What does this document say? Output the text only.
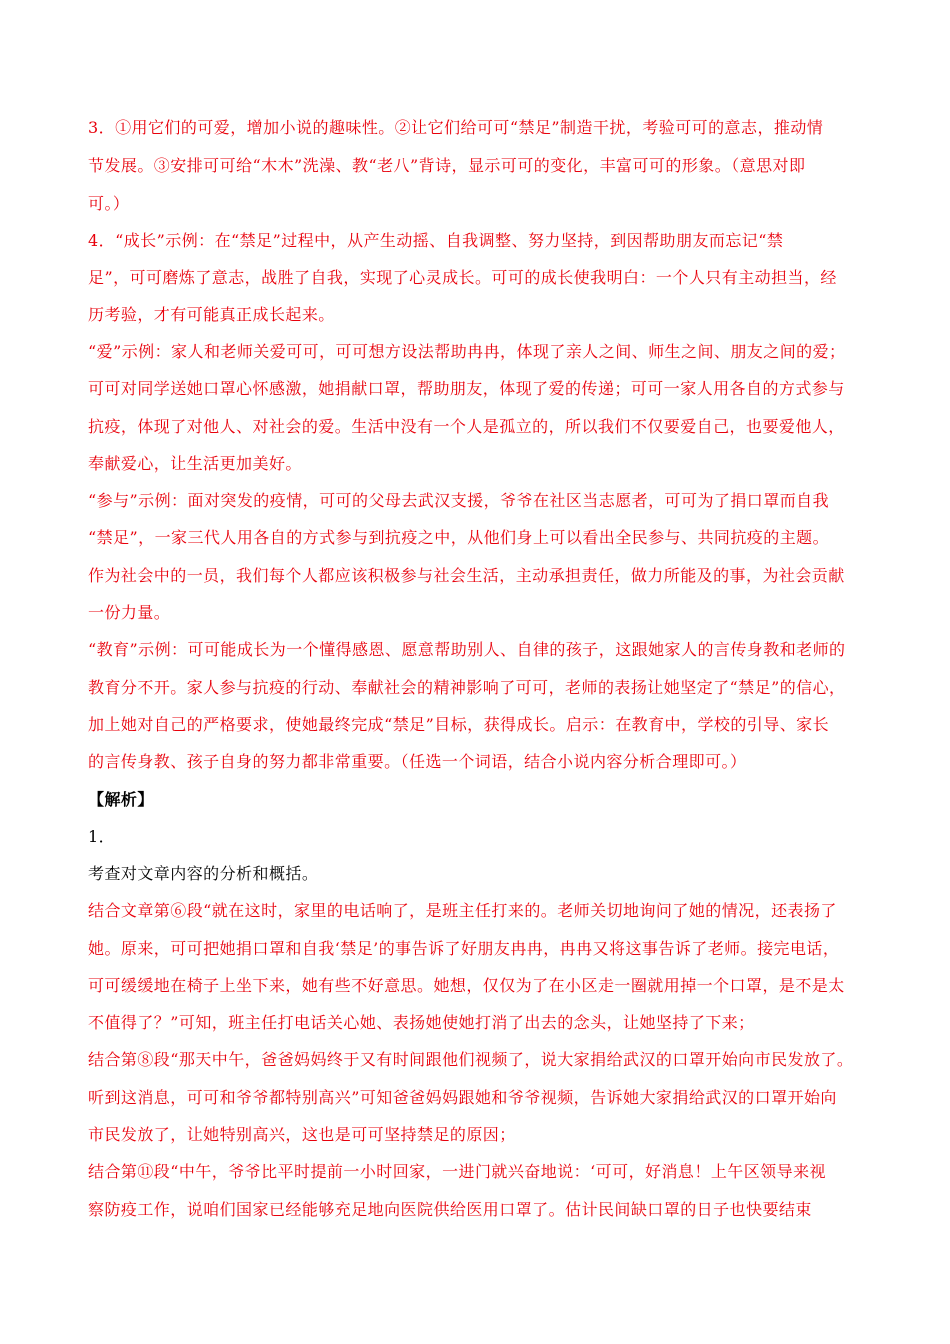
3．①用它们的可爱，增加小说的趣味性。②让它们给可可“禁足”制造干扰，考验可可的意志，推动情
节发展。③安排可可给“木木”洗澡、教“老八”背诗，显示可可的变化，丰富可可的形象。（意思对即
可。）
4．“成长”示例：在“禁足”过程中，从产生动摇、自我调整、努力坚持，到因帮助朋友而忘记“禁
足”，可可磨炼了意志，战胜了自我，实现了心灵成长。可可的成长使我明白：一个人只有主动担当，经
历考验，才有可能真正成长起来。
“爱”示例：家人和老师关爱可可，可可想方设法帮助冉冉，体现了亲人之间、师生之间、朋友之间的爱；
可可对同学送她口罩心怀感激，她捐献口罩，帮助朋友，体现了爱的传递；可可一家人用各自的方式参与
抗疫，体现了对他人、对社会的爱。生活中没有一个人是孤立的，所以我们不仅要爱自己，也要爱他人，
奉献爱心，让生活更加美好。
“参与”示例：面对突发的疫情，可可的父母去武汉支援，爷爷在社区当志愿者，可可为了捐口罩而自我
“禁足”，一家三代人用各自的方式参与到抗疫之中，从他们身上可以看出全民参与、共同抗疫的主题。
作为社会中的一员，我们每个人都应该积极参与社会生活，主动承担责任，做力所能及的事，为社会贡献
一份力量。
“教育”示例：可可能成长为一个懂得感恩、愿意帮助别人、自律的孩子，这跟她家人的言传身教和老师的
教育分不开。家人参与抗疫的行动、奉献社会的精神影响了可可，老师的表扬让她坚定了“禁足”的信心，
加上她对自己的严格要求，使她最终完成“禁足”目标，获得成长。启示：在教育中，学校的引导、家长
的言传身教、孩子自身的努力都非常重要。（任选一个词语，结合小说内容分析合理即可。）
【解析】
1．
考查对文章内容的分析和概括。
结合文章第⑥段“就在这时，家里的电话响了，是班主任打来的。老师关切地询问了她的情况，还表扬了
她。原来，可可把她捐口罩和自我‘禁足’的事告诉了好朋友冉冉，冉冉又将这事告诉了老师。接完电话，
可可缓缓地在椅子上坐下来，她有些不好意思。她想，仅仅为了在小区走一圈就用掉一个口罩，是不是太
不值得了？”可知，班主任打电话关心她、表扬她使她打消了出去的念头，让她坚持了下来；
结合第⑧段“那天中午，爸爸妈妈终于又有时间跟他们视频了，说大家捐给武汉的口罩开始向市民发放了。
听到这消息，可可和爷爷都特别高兴”可知爸爸妈妈跟她和爷爷视频，告诉她大家捐给武汉的口罩开始向
市民发放了，让她特别高兴，这也是可可坚持禁足的原因；
结合第⑪段“中午，爷爷比平时提前一小时回家，一进门就兴奋地说：‘可可，好消息！上午区领导来视
察防疫工作，说咱们国家已经能够充足地向医院供给医用口罩了。估计民间缺口罩的日子也快要结束
